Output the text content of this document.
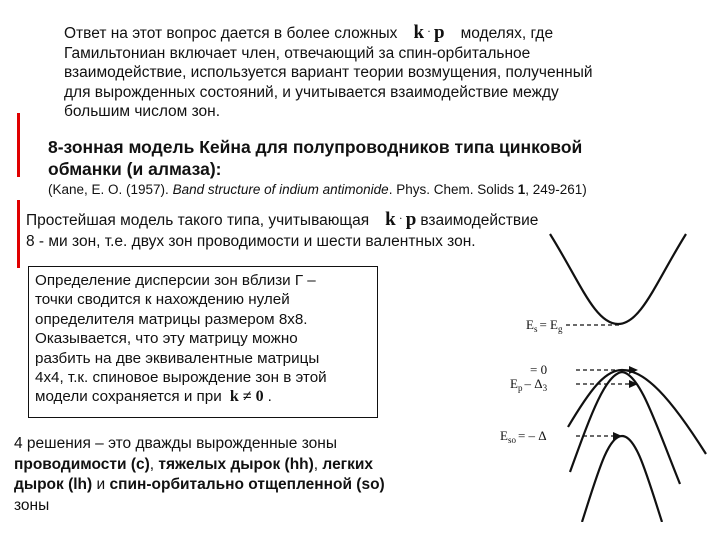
Ответ на этот вопрос дается в более сложных k · p моделях, где
Гамильтониан включает член, отвечающий за спин-орбитальное
взаимодействие, используется вариант теории возмущения, полученный
для вырожденных состояний, и учитывается взаимодействие между
большим числом зон.
8-зонная модель Кейна для полупроводников типа цинковой
обманки (и алмаза):
(Kane, E. O. (1957). Band structure of indium antimonide. Phys. Chem. Solids 1, 249-261)
Простейшая модель такого типа, учитывающая k · p взаимодействие
8 - ми зон, т.е. двух зон проводимости и шести валентных зон.
Определение дисперсии зон вблизи Г –
точки сводится к нахождению нулей
определителя матрицы размером 8х8.
Оказывается, что эту матрицу можно
разбить на две эквивалентные матрицы
4х4, т.к. спиновое вырождение зон в этой
модели сохраняется и при k ≠ 0 .
4 решения – это дважды вырожденные зоны
проводимости (с), тяжелых дырок (hh), легких
дырок (lh) и спин-орбитально отщепленной (so)
зоны
$E_s = E_g$
= 0
$E_p - \Delta_3$
$E_{so}$ = – Δ
